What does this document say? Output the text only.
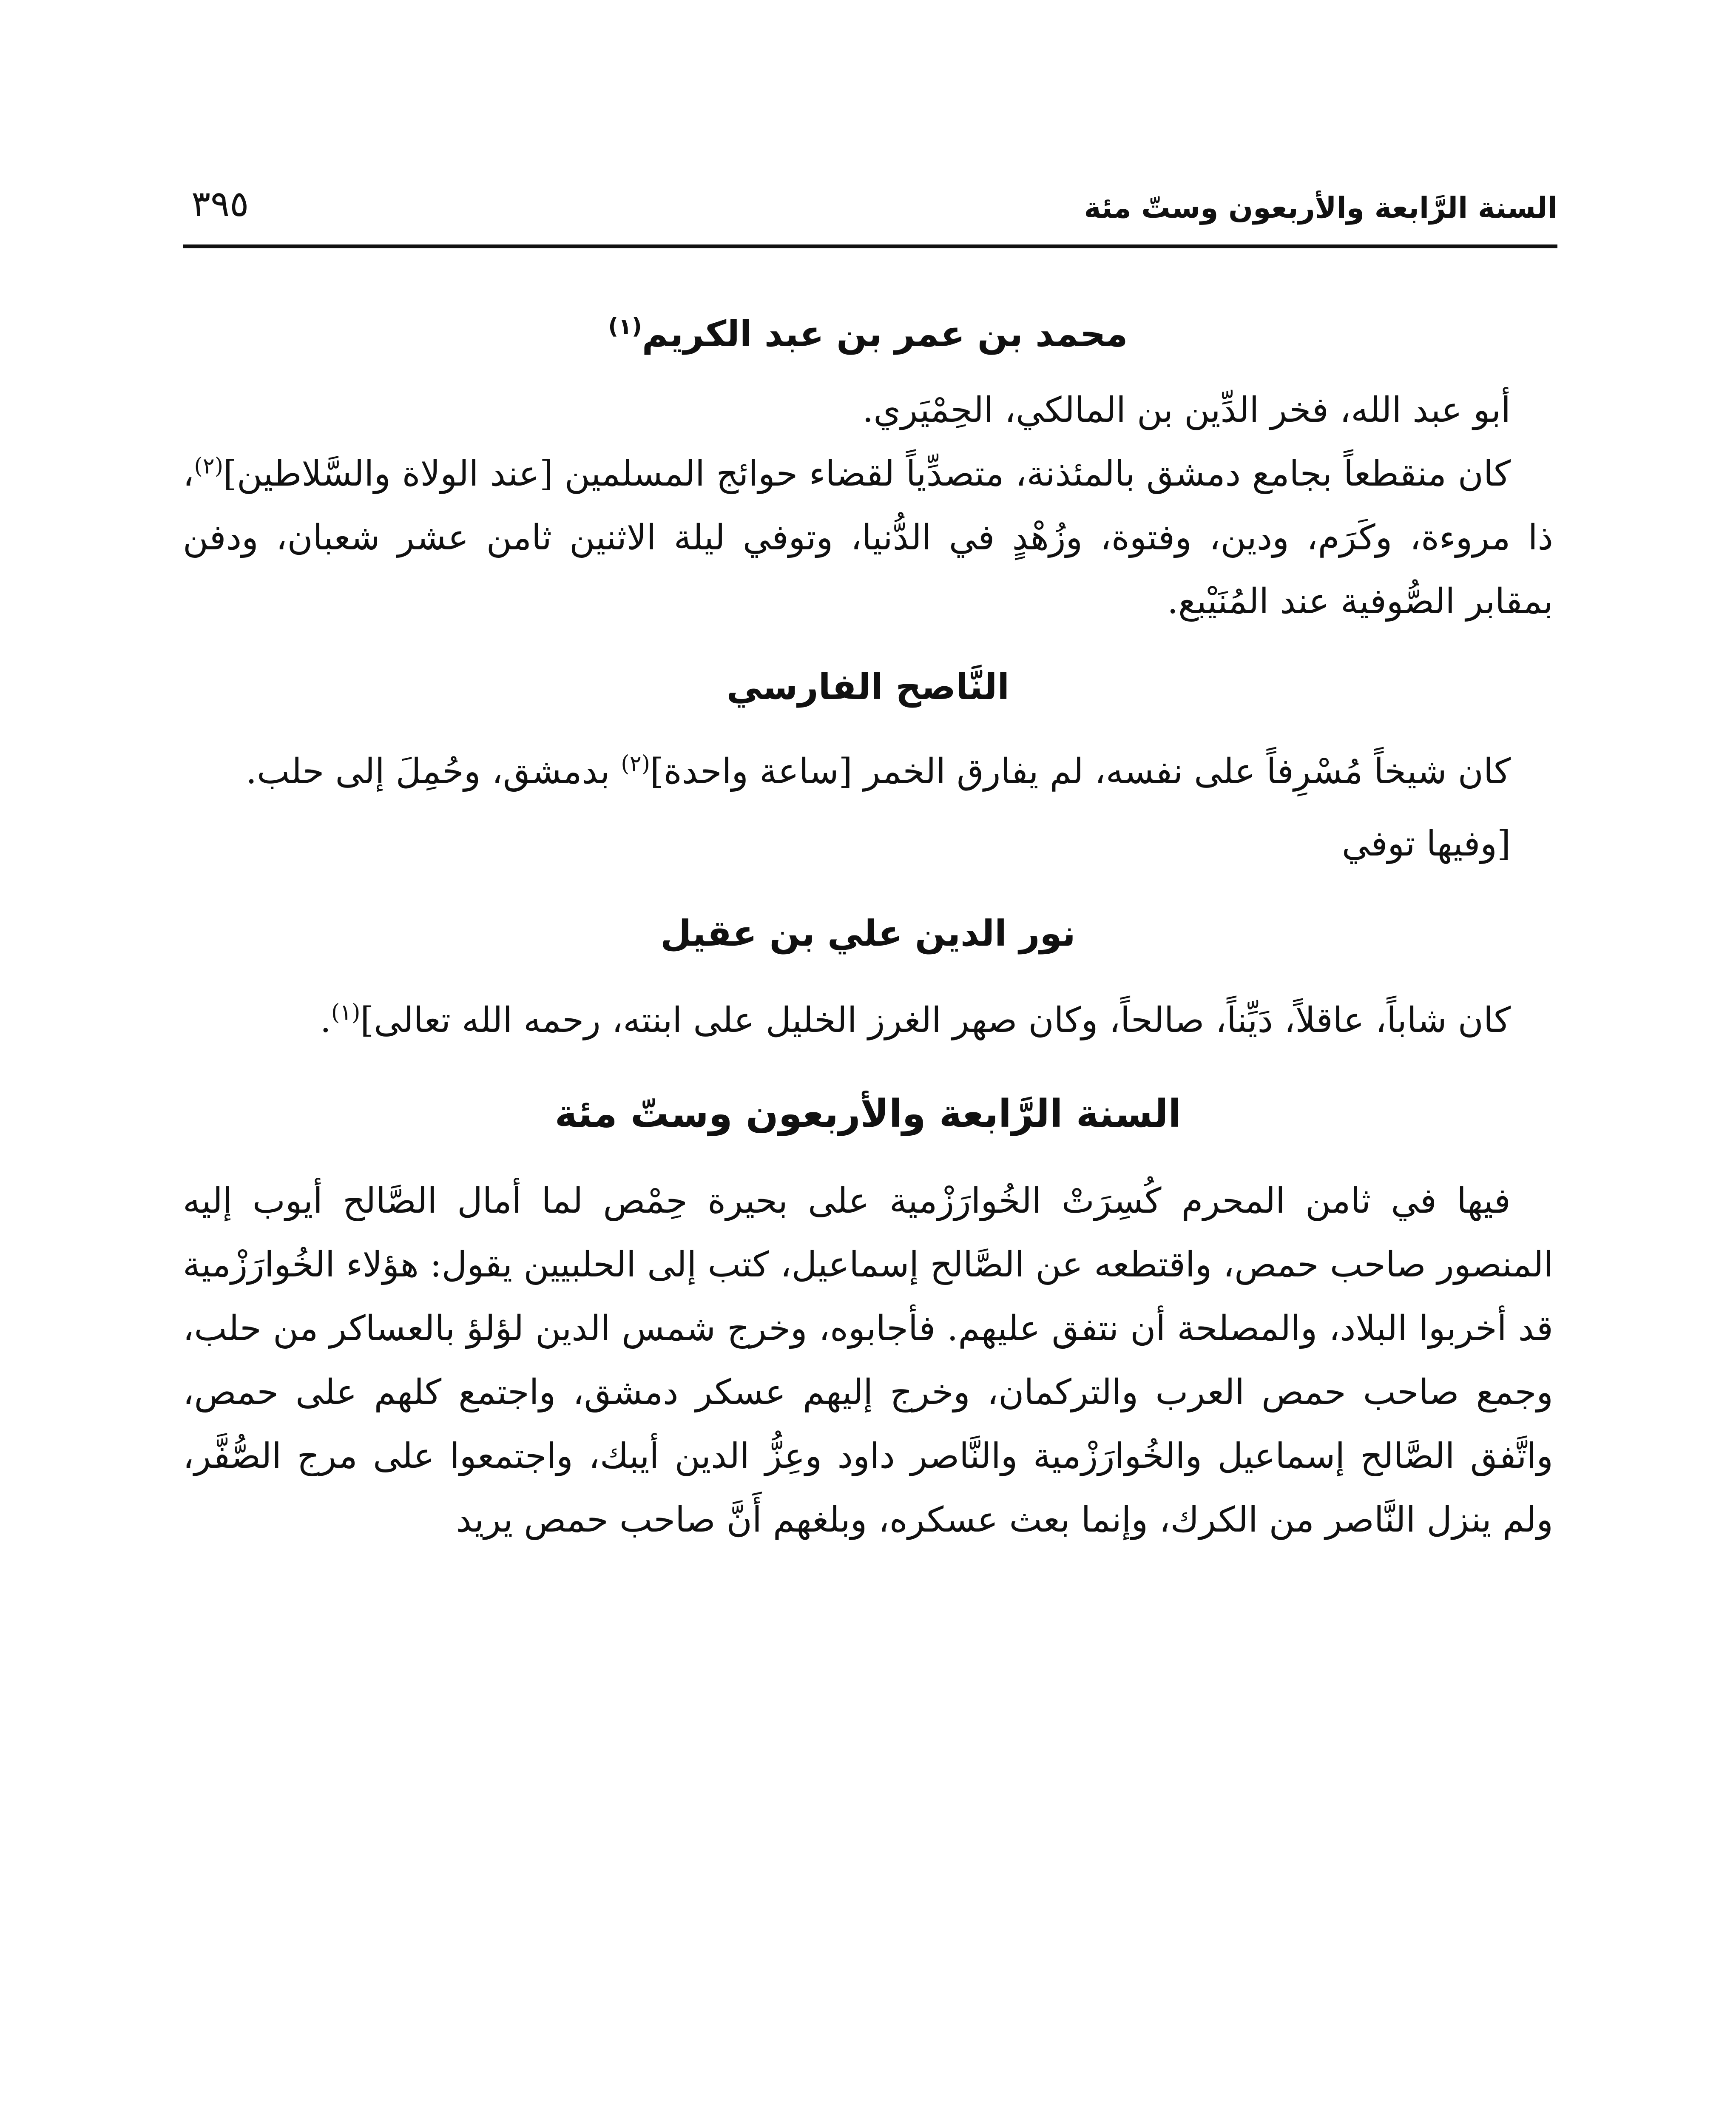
السنة الرَّابعة والأربعون وستّ مئة
٣٩٥
محمد بن عمر بن عبد الكريم$^{(١)}$

أبو عبد الله، فخر الدِّين بن المالكي، الحِمْيَري.

كان منقطعاً بجامع دمشق بالمئذنة، متصدِّياً لقضاء حوائج المسلمين [عند الولاة والسَّلاطين]$^{(٢)}$، ذا مروءة، وكَرَم، ودين، وفتوة، وزُهْدٍ في الدُّنيا، وتوفي ليلة الاثنين ثامن عشر شعبان، ودفن بمقابر الصُّوفية عند المُنَيْبع.

النَّاصح الفارسي

كان شيخاً مُسْرِفاً على نفسه، لم يفارق الخمر [ساعة واحدة]$^{(٢)}$ بدمشق، وحُمِلَ إلى حلب.

[وفيها توفي

نور الدين علي بن عقيل

كان شاباً، عاقلاً، دَيِّناً، صالحاً، وكان صهر الغرز الخليل على ابنته، رحمه الله تعالى]$^{(١)}$.

السنة الرَّابعة والأربعون وستّ مئة

فيها في ثامن المحرم كُسِرَتْ الخُوارَزْمية على بحيرة حِمْص لما أمال الصَّالح أيوب إليه المنصور صاحب حمص، واقتطعه عن الصَّالح إسماعيل، كتب إلى الحلبيين يقول: هؤلاء الخُوارَزْمية قد أخربوا البلاد، والمصلحة أن نتفق عليهم. فأجابوه، وخرج شمس الدين لؤلؤ بالعساكر من حلب، وجمع صاحب حمص العرب والتركمان، وخرج إليهم عسكر دمشق، واجتمع كلهم على حمص، واتَّفق الصَّالح إسماعيل والخُوارَزْمية والنَّاصر داود وعِزُّ الدين أيبك، واجتمعوا على مرج الصُّفَّر، ولم ينزل النَّاصر من الكرك، وإنما بعث عسكره، وبلغهم أَنَّ صاحب حمص يريد
